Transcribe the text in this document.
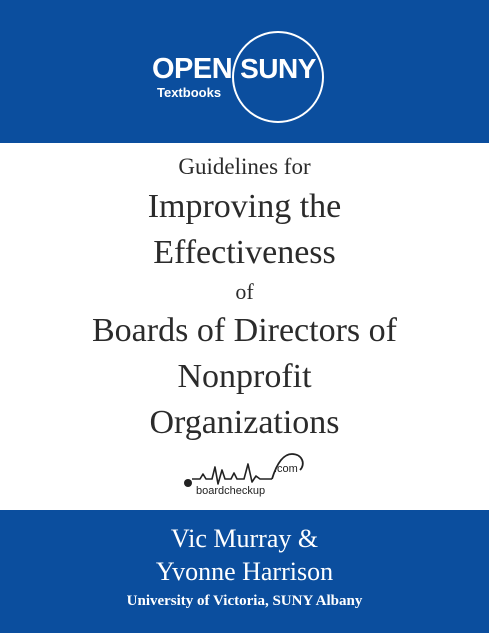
OPEN
Textbooks
SUNY
Guidelines for
Improving the
Effectiveness
of
Boards of Directors of
Nonprofit
Organizations
.com
boardcheckup
Vic Murray &
Yvonne Harrison
University of Victoria, SUNY Albany
